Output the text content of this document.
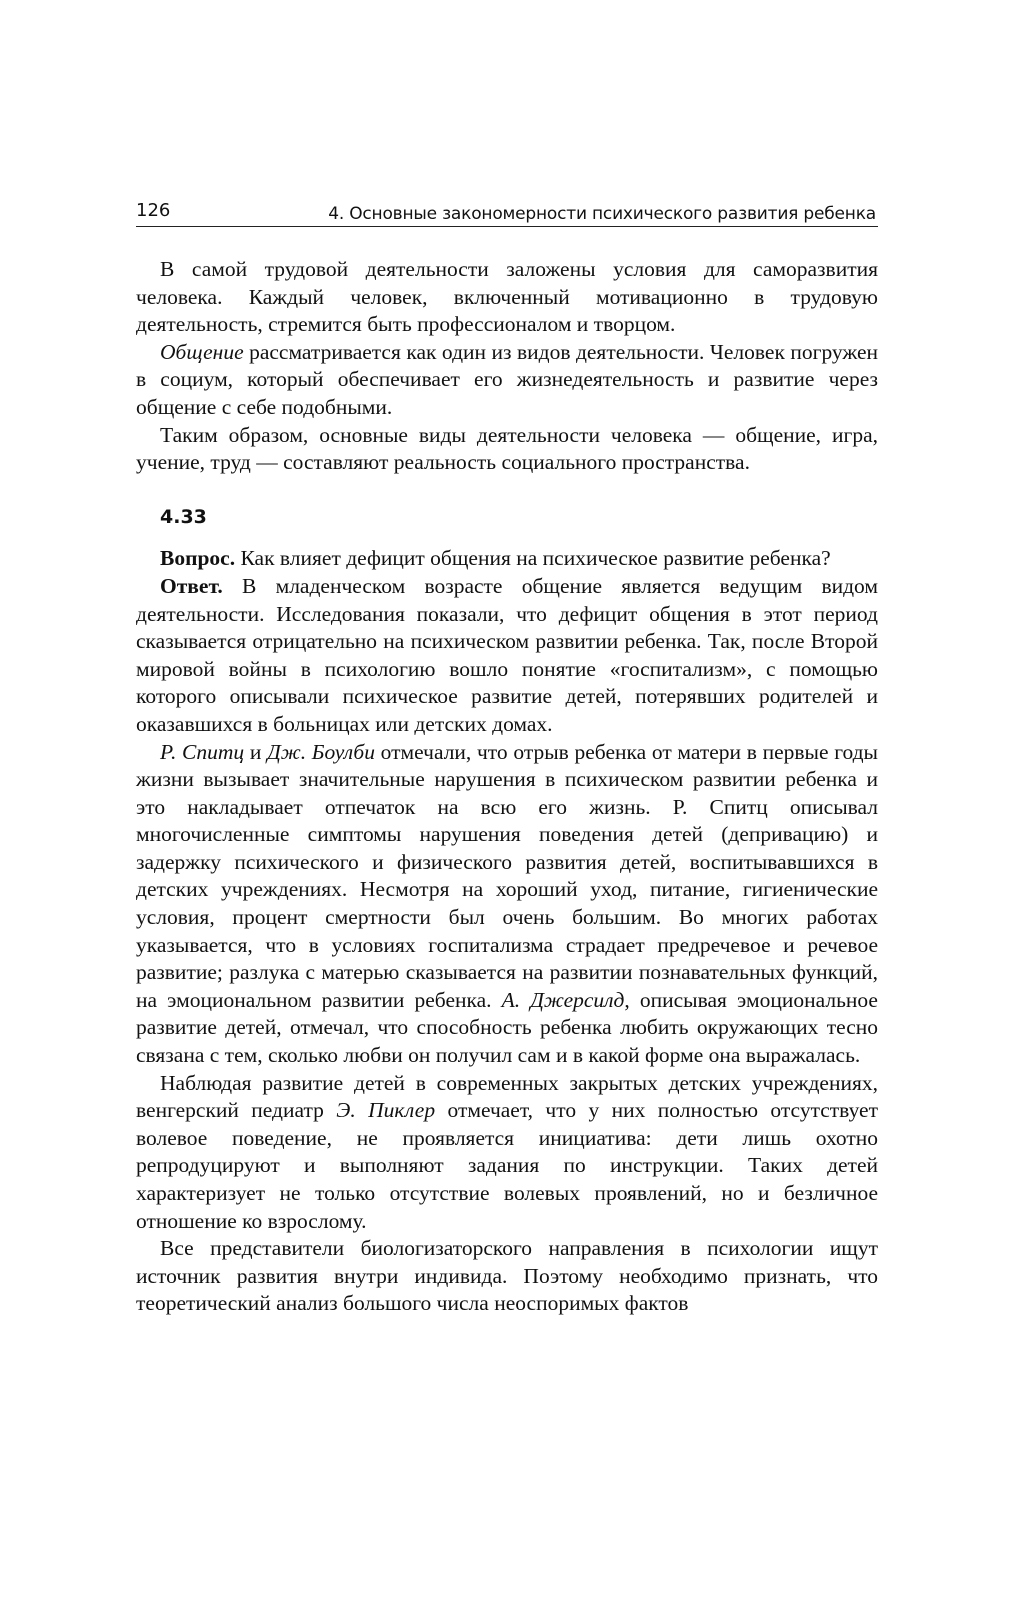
126	4. Основные закономерности психического развития ребенка

В самой трудовой деятельности заложены условия для саморазвития человека. Каждый человек, включенный мотивационно в трудовую деятельность, стремится быть профессионалом и творцом.

Общение рассматривается как один из видов деятельности. Человек погружен в социум, который обеспечивает его жизнедеятельность и развитие через общение с себе подобными.

Таким образом, основные виды деятельности человека — общение, игра, учение, труд — составляют реальность социального пространства.

4.33

Вопрос. Как влияет дефицит общения на психическое развитие ребенка?

Ответ. В младенческом возрасте общение является ведущим видом деятельности. Исследования показали, что дефицит общения в этот период сказывается отрицательно на психическом развитии ребенка. Так, после Второй мировой войны в психологию вошло понятие «госпитализм», с помощью которого описывали психическое развитие детей, потерявших родителей и оказавшихся в больницах или детских домах.

Р. Спитц и Дж. Боулби отмечали, что отрыв ребенка от матери в первые годы жизни вызывает значительные нарушения в психическом развитии ребенка и это накладывает отпечаток на всю его жизнь. Р. Спитц описывал многочисленные симптомы нарушения поведения детей (депривацию) и задержку психического и физического развития детей, воспитывавшихся в детских учреждениях. Несмотря на хороший уход, питание, гигиенические условия, процент смертности был очень большим. Во многих работах указывается, что в условиях госпитализма страдает предречевое и речевое развитие; разлука с матерью сказывается на развитии познавательных функций, на эмоциональном развитии ребенка. А. Джерсилд, описывая эмоциональное развитие детей, отмечал, что способность ребенка любить окружающих тесно связана с тем, сколько любви он получил сам и в какой форме она выражалась.

Наблюдая развитие детей в современных закрытых детских учреждениях, венгерский педиатр Э. Пиклер отмечает, что у них полностью отсутствует волевое поведение, не проявляется инициатива: дети лишь охотно репродуцируют и выполняют задания по инструкции. Таких детей характеризует не только отсутствие волевых проявлений, но и безличное отношение ко взрослому.

Все представители биологизаторского направления в психологии ищут источник развития внутри индивида. Поэтому необходимо признать, что теоретический анализ большого числа неоспоримых фактов
